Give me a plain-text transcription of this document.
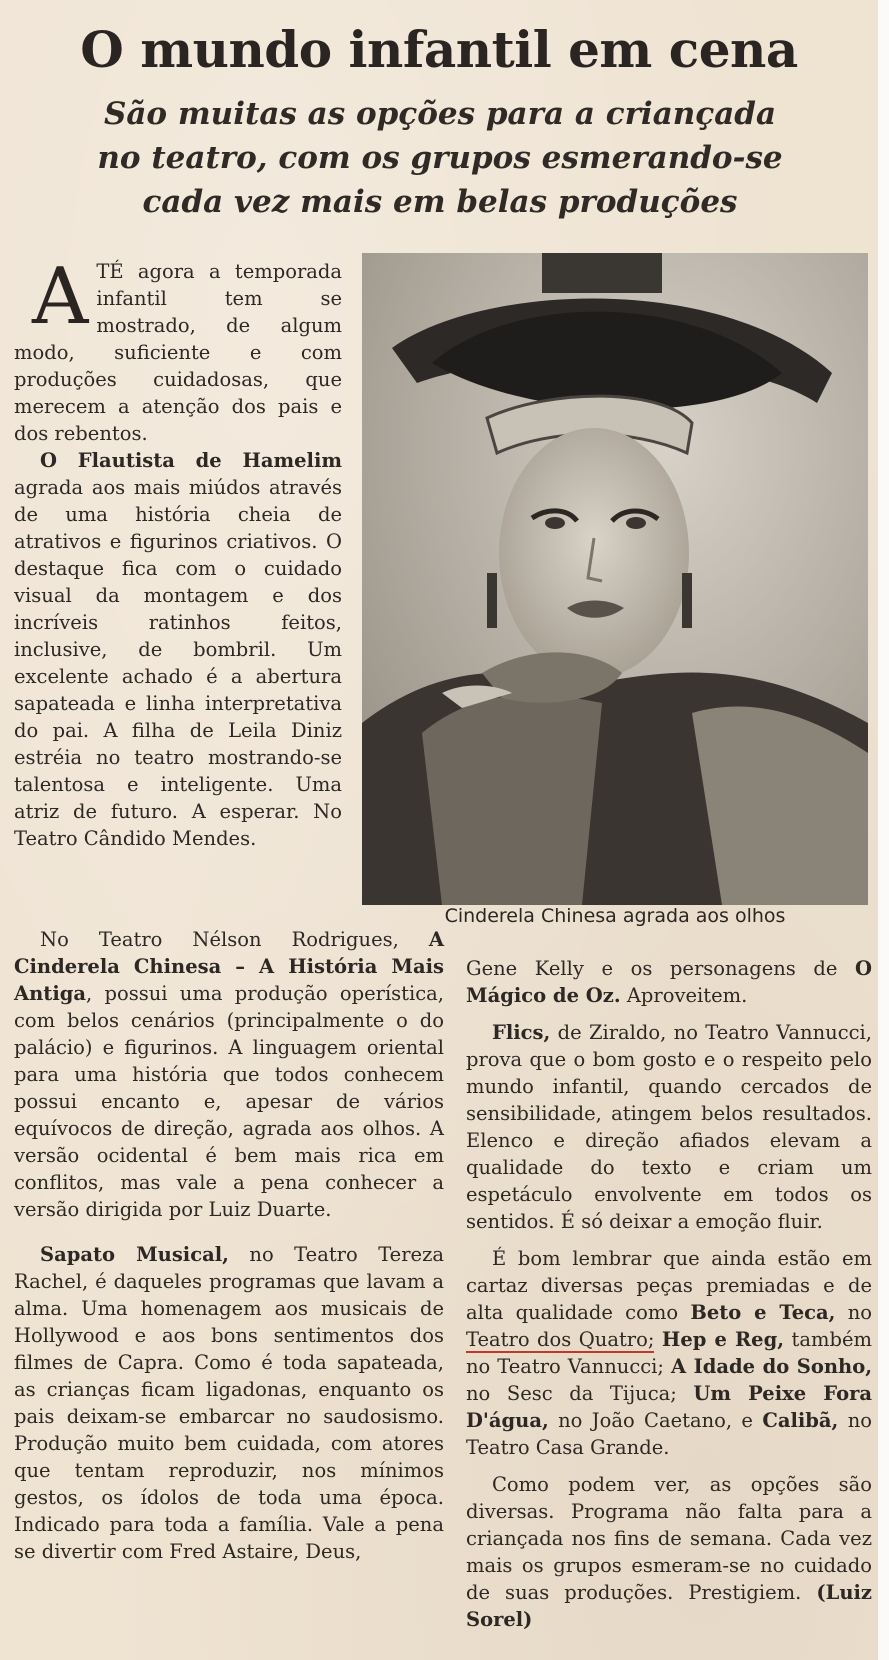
O mundo infantil em cena
São muitas as opções para a criançada
no teatro, com os grupos esmerando-se
cada vez mais em belas produções

ATÉ agora a temporada infantil tem se mostrado, de algum modo, suficiente e com produções cuidadosas, que merecem a atenção dos pais e dos rebentos.

O Flautista de Hamelim agrada aos mais miúdos através de uma história cheia de atrativos e figurinos criativos. O destaque fica com o cuidado visual da montagem e dos incríveis ratinhos feitos, inclusive, de bombril. Um excelente achado é a abertura sapateada e linha interpretativa do pai. A filha de Leila Diniz estréia no teatro mostrando-se talentosa e inteligente. Uma atriz de futuro. A esperar. No Teatro Cândido Mendes.

Cinderela Chinesa agrada aos olhos

No Teatro Nélson Rodrigues, A Cinderela Chinesa – A História Mais Antiga, possui uma produção operística, com belos cenários (principalmente o do palácio) e figurinos. A linguagem oriental para uma história que todos conhecem possui encanto e, apesar de vários equívocos de direção, agrada aos olhos. A versão ocidental é bem mais rica em conflitos, mas vale a pena conhecer a versão dirigida por Luiz Duarte.

Sapato Musical, no Teatro Tereza Rachel, é daqueles programas que lavam a alma. Uma homenagem aos musicais de Hollywood e aos bons sentimentos dos filmes de Capra. Como é toda sapateada, as crianças ficam ligadonas, enquanto os pais deixam-se embarcar no saudosismo. Produção muito bem cuidada, com atores que tentam reproduzir, nos mínimos gestos, os ídolos de toda uma época. Indicado para toda a família. Vale a pena se divertir com Fred Astaire, Deus,

Gene Kelly e os personagens de O Mágico de Oz. Aproveitem.

Flics, de Ziraldo, no Teatro Vannucci, prova que o bom gosto e o respeito pelo mundo infantil, quando cercados de sensibilidade, atingem belos resultados. Elenco e direção afiados elevam a qualidade do texto e criam um espetáculo envolvente em todos os sentidos. É só deixar a emoção fluir.

É bom lembrar que ainda estão em cartaz diversas peças premiadas e de alta qualidade como Beto e Teca, no Teatro dos Quatro; Hep e Reg, também no Teatro Vannucci; A Idade do Sonho, no Sesc da Tijuca; Um Peixe Fora D'água, no João Caetano, e Calibã, no Teatro Casa Grande.

Como podem ver, as opções são diversas. Programa não falta para a criançada nos fins de semana. Cada vez mais os grupos esmeram-se no cuidado de suas produções. Prestigiem. (Luiz Sorel)
